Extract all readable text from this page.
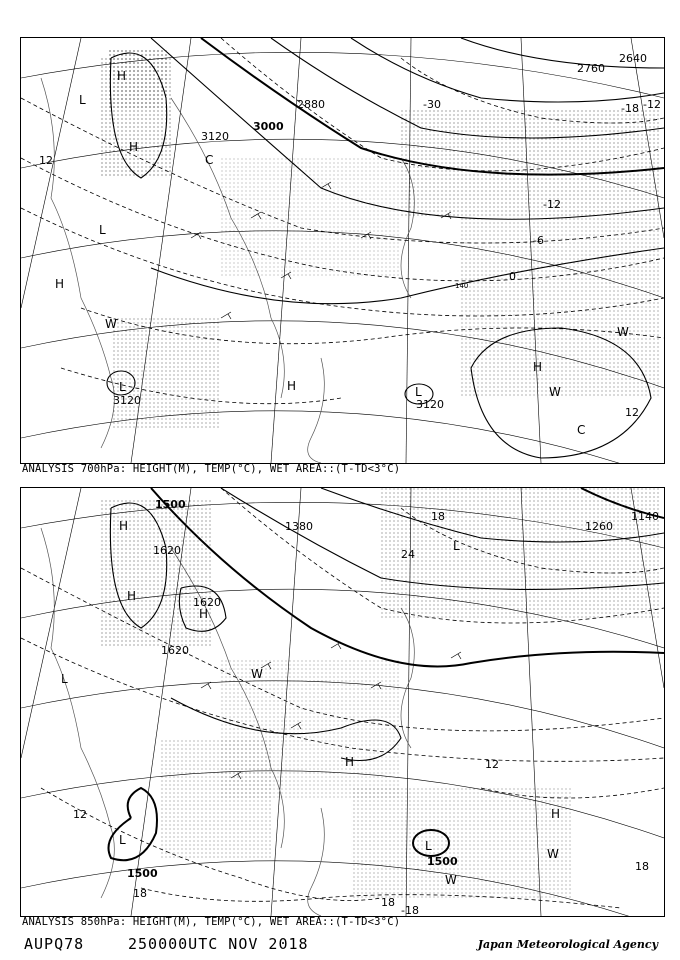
3120
3000
2880
2760
2640
3120	3120
-30	-18
-12
-6
0
12
-12
12
H
H
L
L
H
H
L	L
H
C
C
W
W
W
140
ANALYSIS 700hPa: HEIGHT(M), TEMP(°C), WET AREA::(T-TD<3°C)
1500
1620
1620
1620
1500
1500
1260
1140
1380
18
24
18
12
18
18
-18
12
H
H
H
L
L
H
L	L
H
W
W
W
ANALYSIS 850hPa: HEIGHT(M), TEMP(°C), WET AREA::(T-TD<3°C)
AUPQ78	250000UTC NOV 2018	Japan Meteorological Agency
